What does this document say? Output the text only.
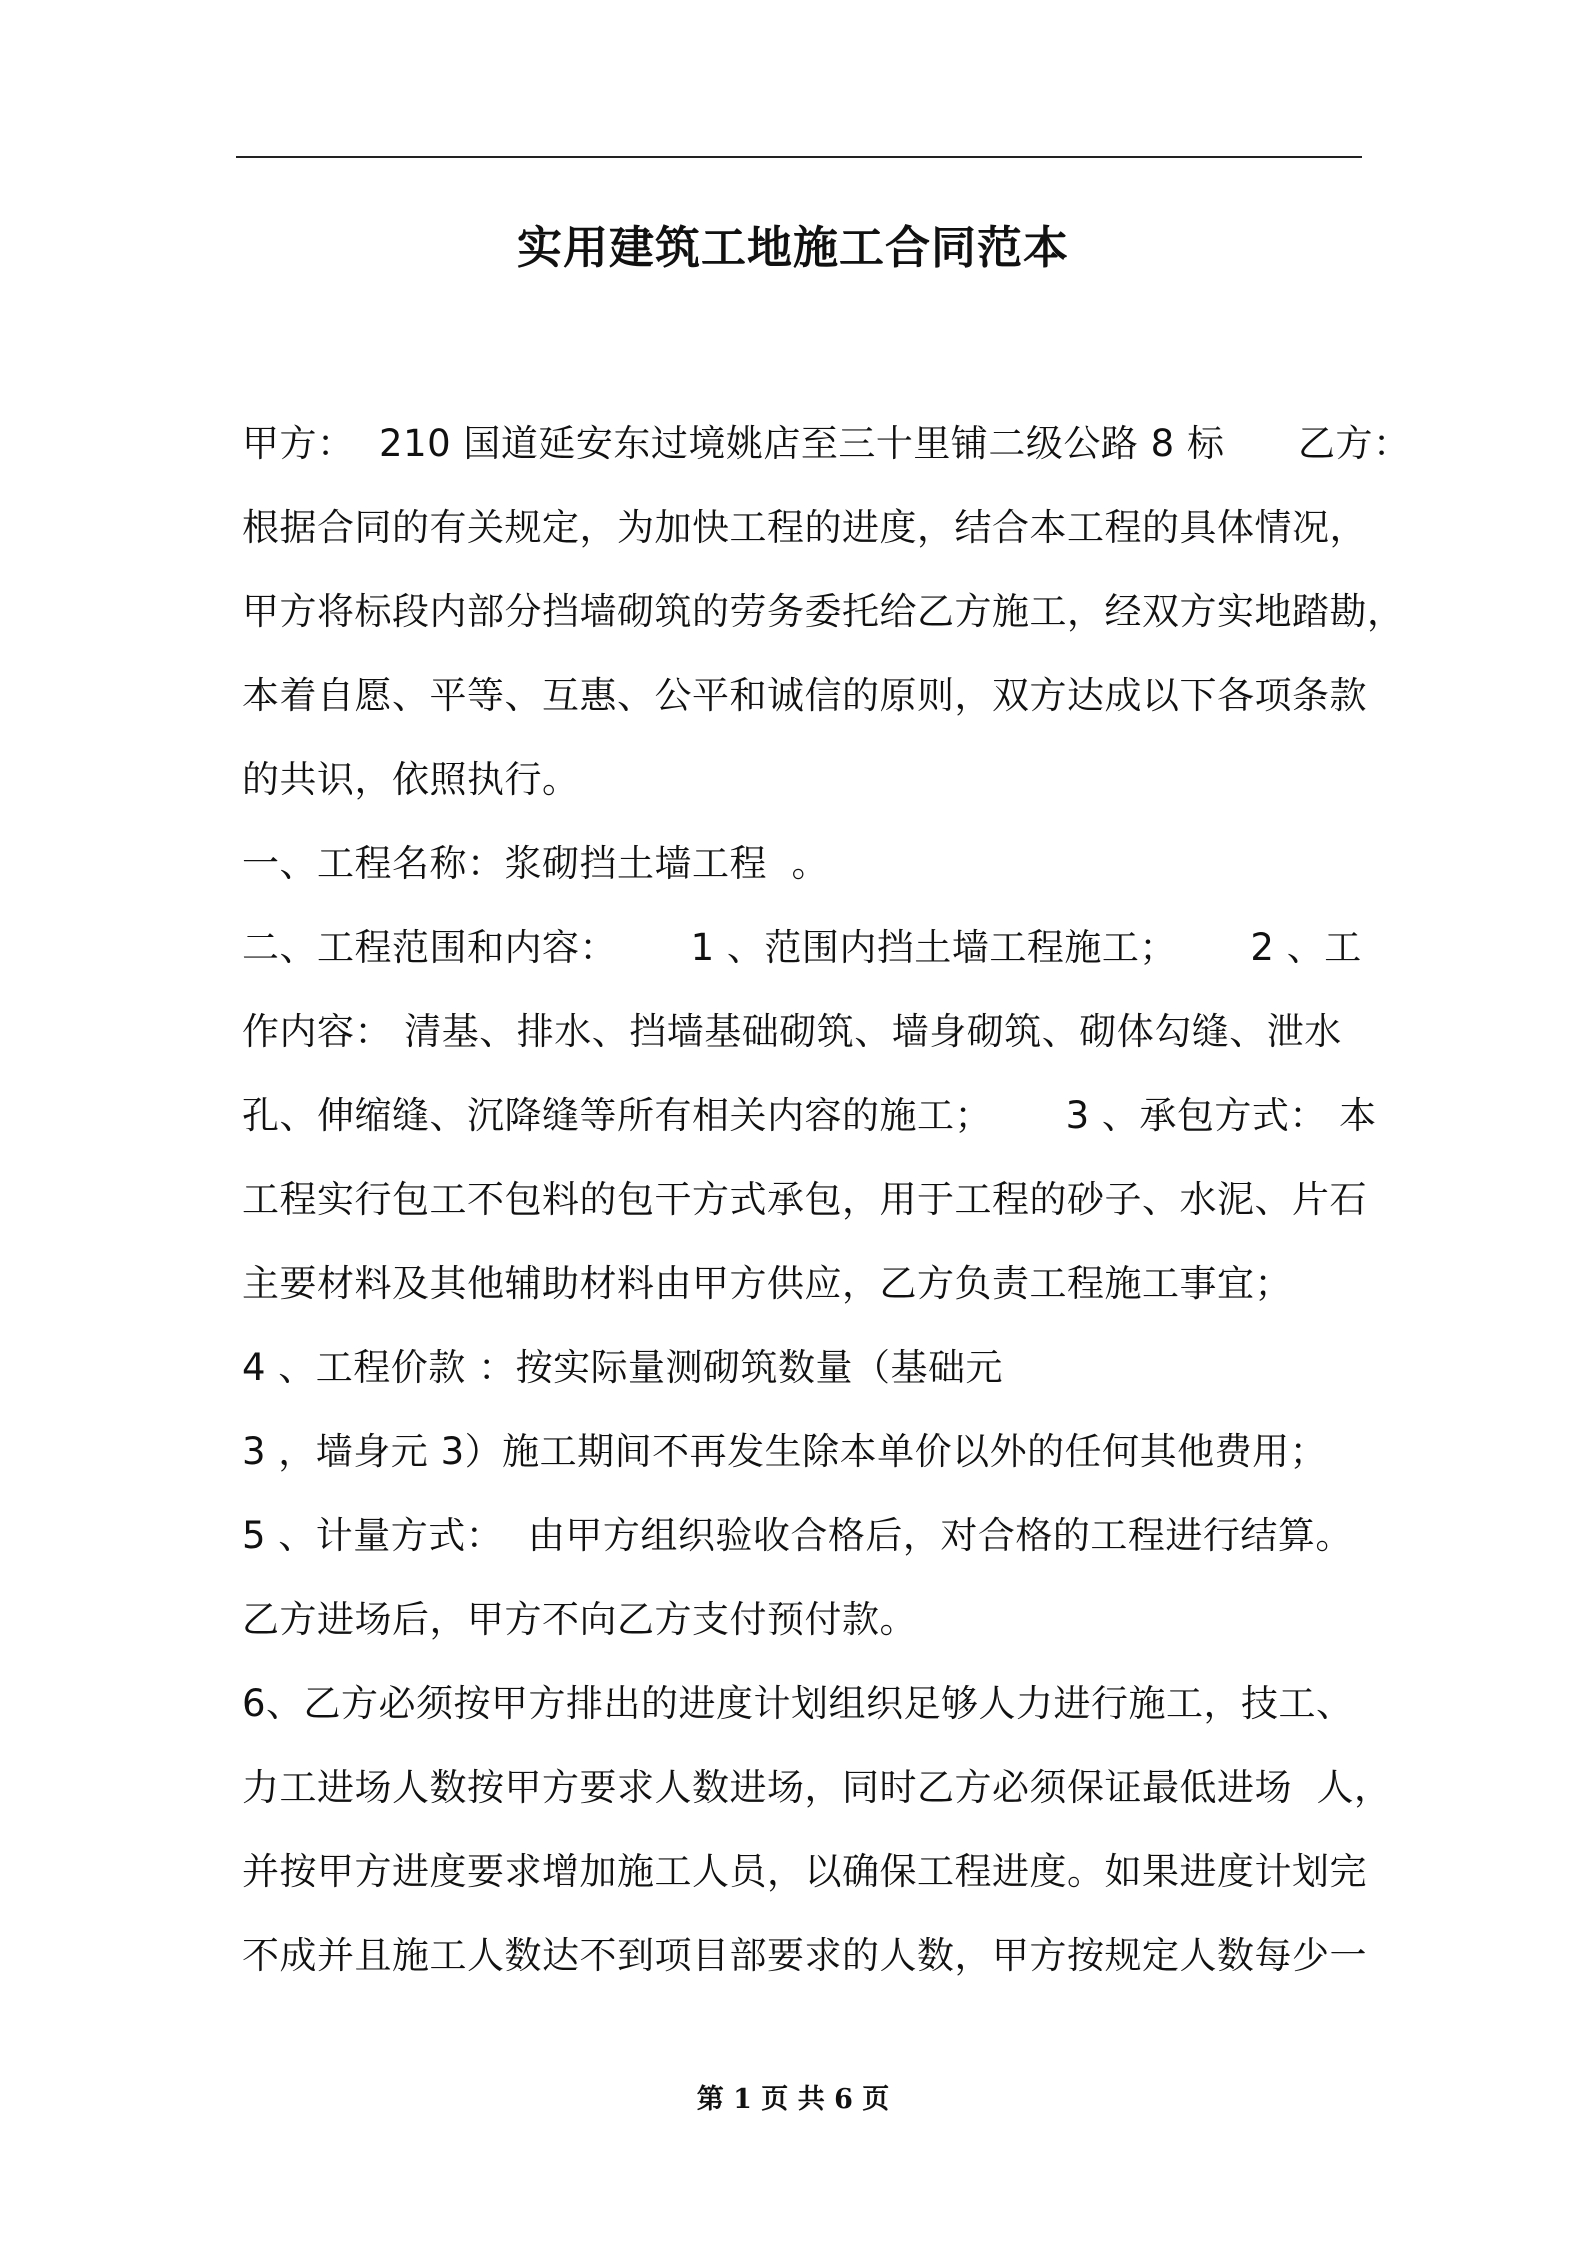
实用建筑工地施工合同范本
甲方：  210 国道延安东过境姚店至三十里铺二级公路 8 标      乙方：
根据合同的有关规定，为加快工程的进度，结合本工程的具体情况，
甲方将标段内部分挡墙砌筑的劳务委托给乙方施工，经双方实地踏勘，
本着自愿、平等、互惠、公平和诚信的原则，双方达成以下各项条款
的共识，依照执行。
一、工程名称：浆砌挡土墙工程  。
二、工程范围和内容：      1 、范围内挡土墙工程施工；      2 、工
作内容： 清基、排水、挡墙基础砌筑、墙身砌筑、砌体勾缝、泄水
孔、伸缩缝、沉降缝等所有相关内容的施工；      3 、承包方式： 本
工程实行包工不包料的包干方式承包，用于工程的砂子、水泥、片石
主要材料及其他辅助材料由甲方供应，乙方负责工程施工事宜；
4 、工程价款 ：按实际量测砌筑数量（基础元
3 ，墙身元 3）施工期间不再发生除本单价以外的任何其他费用；
5 、计量方式：  由甲方组织验收合格后，对合格的工程进行结算。
乙方进场后，甲方不向乙方支付预付款。
6、乙方必须按甲方排出的进度计划组织足够人力进行施工，技工、
力工进场人数按甲方要求人数进场，同时乙方必须保证最低进场  人，
并按甲方进度要求增加施工人员，以确保工程进度。如果进度计划完
不成并且施工人数达不到项目部要求的人数，甲方按规定人数每少一
第 1 页 共 6 页
